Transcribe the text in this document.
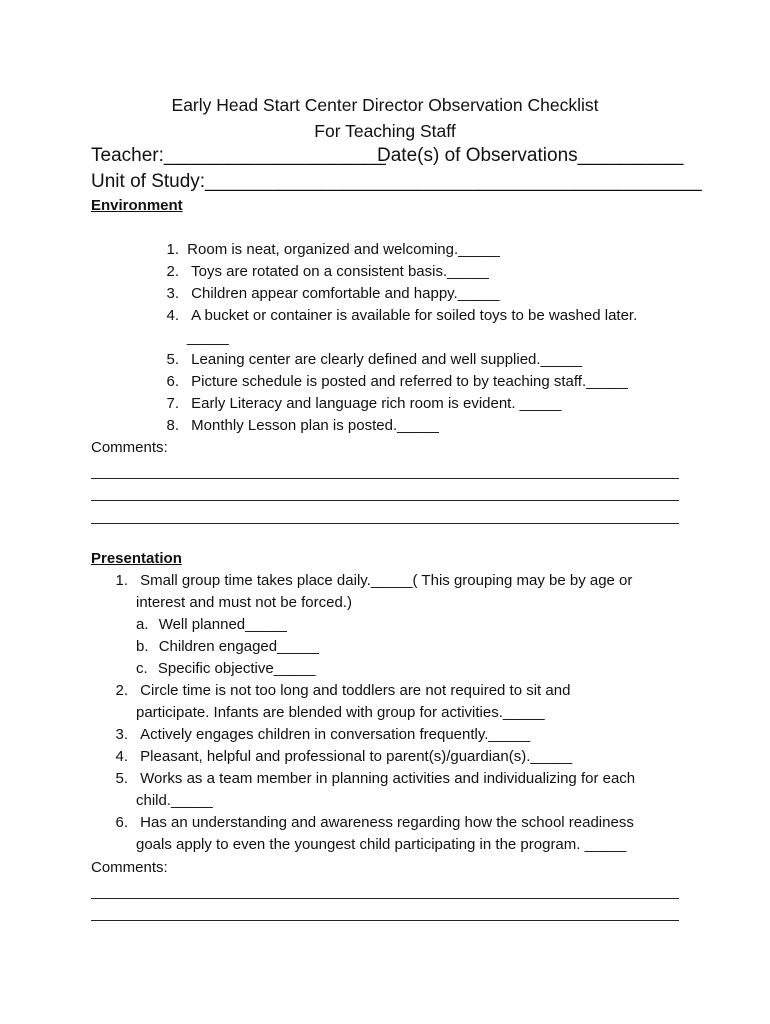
Early Head Start Center Director Observation Checklist
For Teaching Staff
Teacher:_____________________
Date(s) of Observations__________
Unit of Study:_______________________________________________
Environment
1. Room is neat, organized and welcoming._____
2. Toys are rotated on a consistent basis._____
3. Children appear comfortable and happy._____
4. A bucket or container is available for soiled toys to be washed later.
_____
5. Leaning center are clearly defined and well supplied._____
6. Picture schedule is posted and referred to by teaching staff._____
7. Early Literacy and language rich room is evident. _____
8. Monthly Lesson plan is posted._____
Comments:
Presentation
1. Small group time takes place daily._____( This grouping may be by age or
interest and must not be forced.)
a. Well planned_____
b. Children engaged_____
c. Specific objective_____
2. Circle time is not too long and toddlers are not required to sit and
participate. Infants are blended with group for activities._____
3. Actively engages children in conversation frequently._____
4. Pleasant, helpful and professional to parent(s)/guardian(s)._____
5. Works as a team member in planning activities and individualizing for each
child._____
6. Has an understanding and awareness regarding how the school readiness
goals apply to even the youngest child participating in the program. _____
Comments:
